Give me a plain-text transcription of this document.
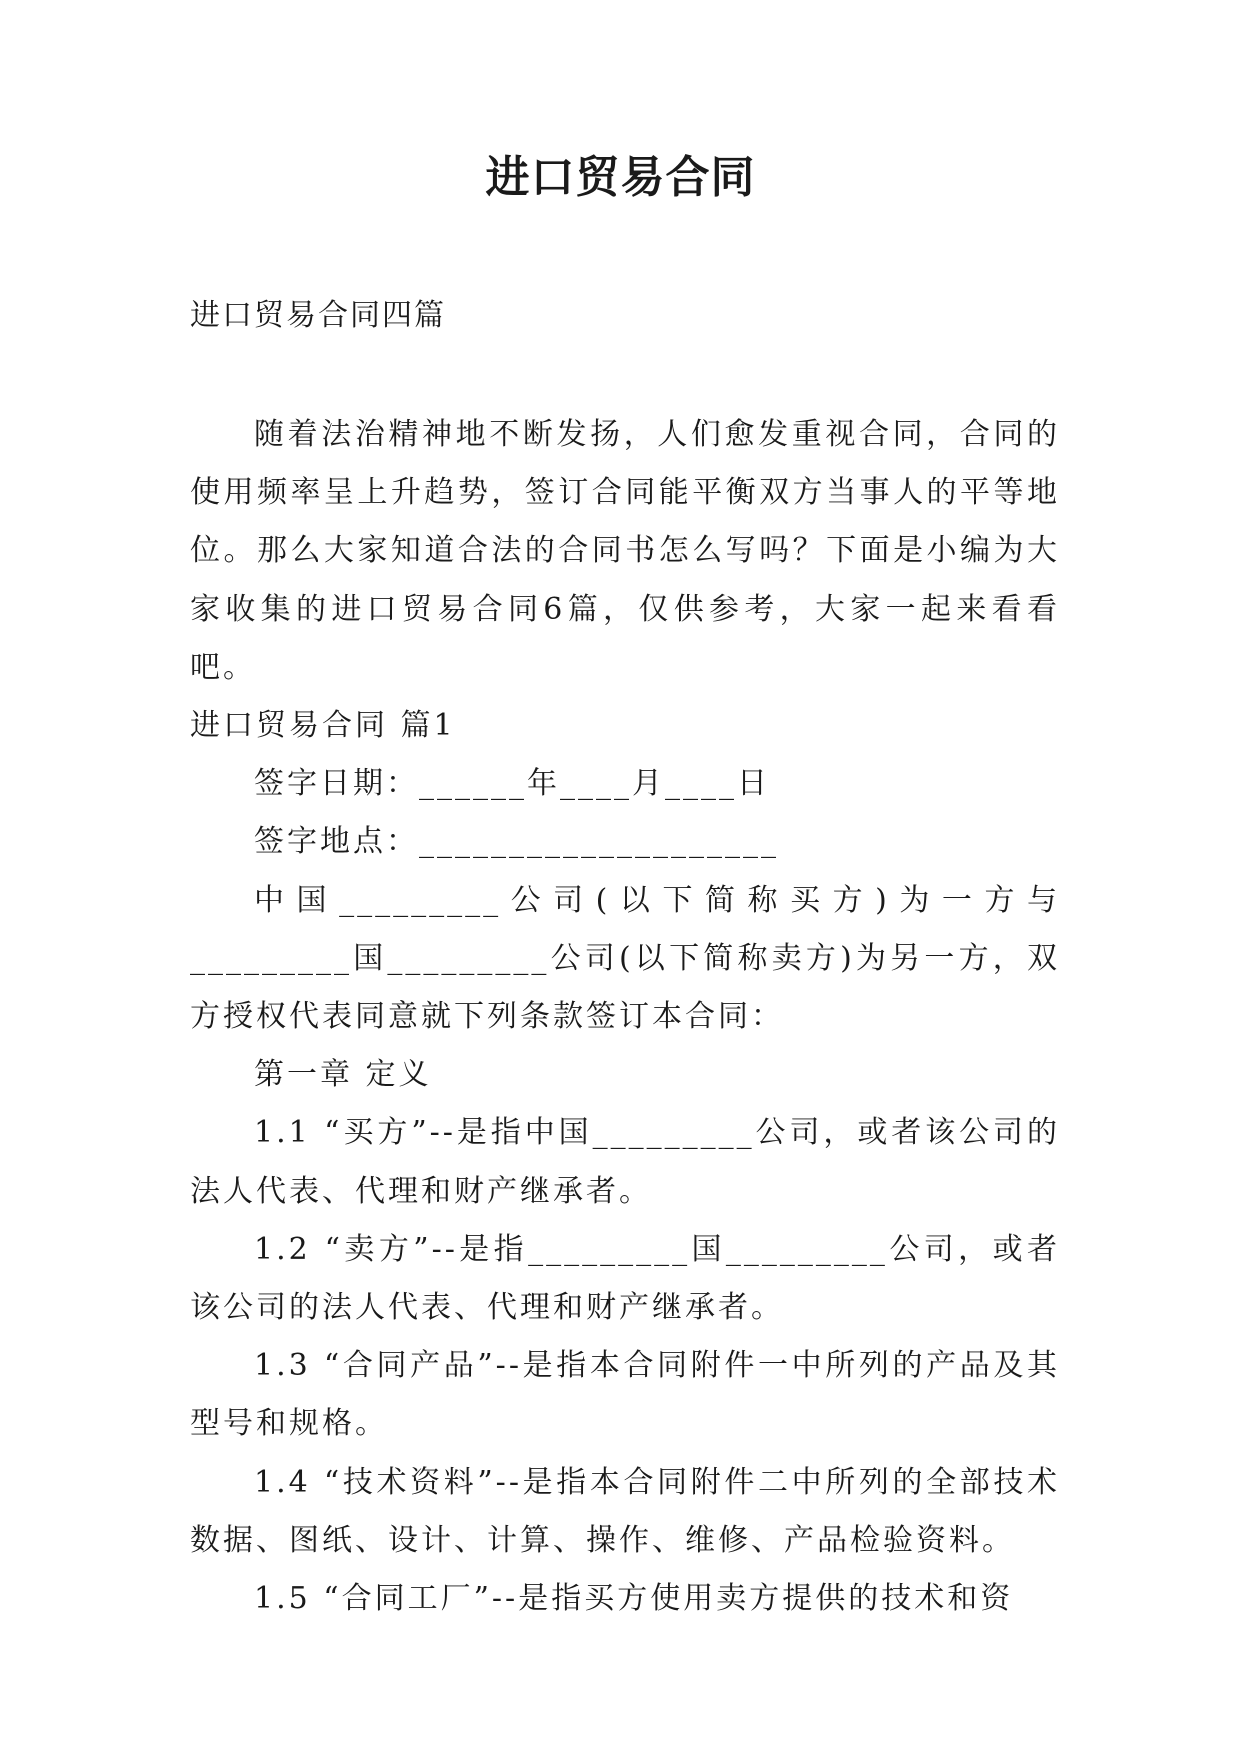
进口贸易合同

进口贸易合同四篇

随着法治精神地不断发扬，人们愈发重视合同，合同的使用频率呈上升趋势，签订合同能平衡双方当事人的平等地位。那么大家知道合法的合同书怎么写吗？下面是小编为大家收集的进口贸易合同6篇，仅供参考，大家一起来看看吧。

进口贸易合同 篇1

签字日期：______年____月____日

签字地点：____________________

中国_________公司(以下简称买方)为一方与_________国_________公司(以下简称卖方)为另一方，双方授权代表同意就下列条款签订本合同：

第一章 定义

1.1 “买方”--是指中国_________公司，或者该公司的法人代表、代理和财产继承者。

1.2 “卖方”--是指_________国_________公司，或者该公司的法人代表、代理和财产继承者。

1.3 “合同产品”--是指本合同附件一中所列的产品及其型号和规格。

1.4 “技术资料”--是指本合同附件二中所列的全部技术数据、图纸、设计、计算、操作、维修、产品检验资料。

1.5 “合同工厂”--是指买方使用卖方提供的技术和资
